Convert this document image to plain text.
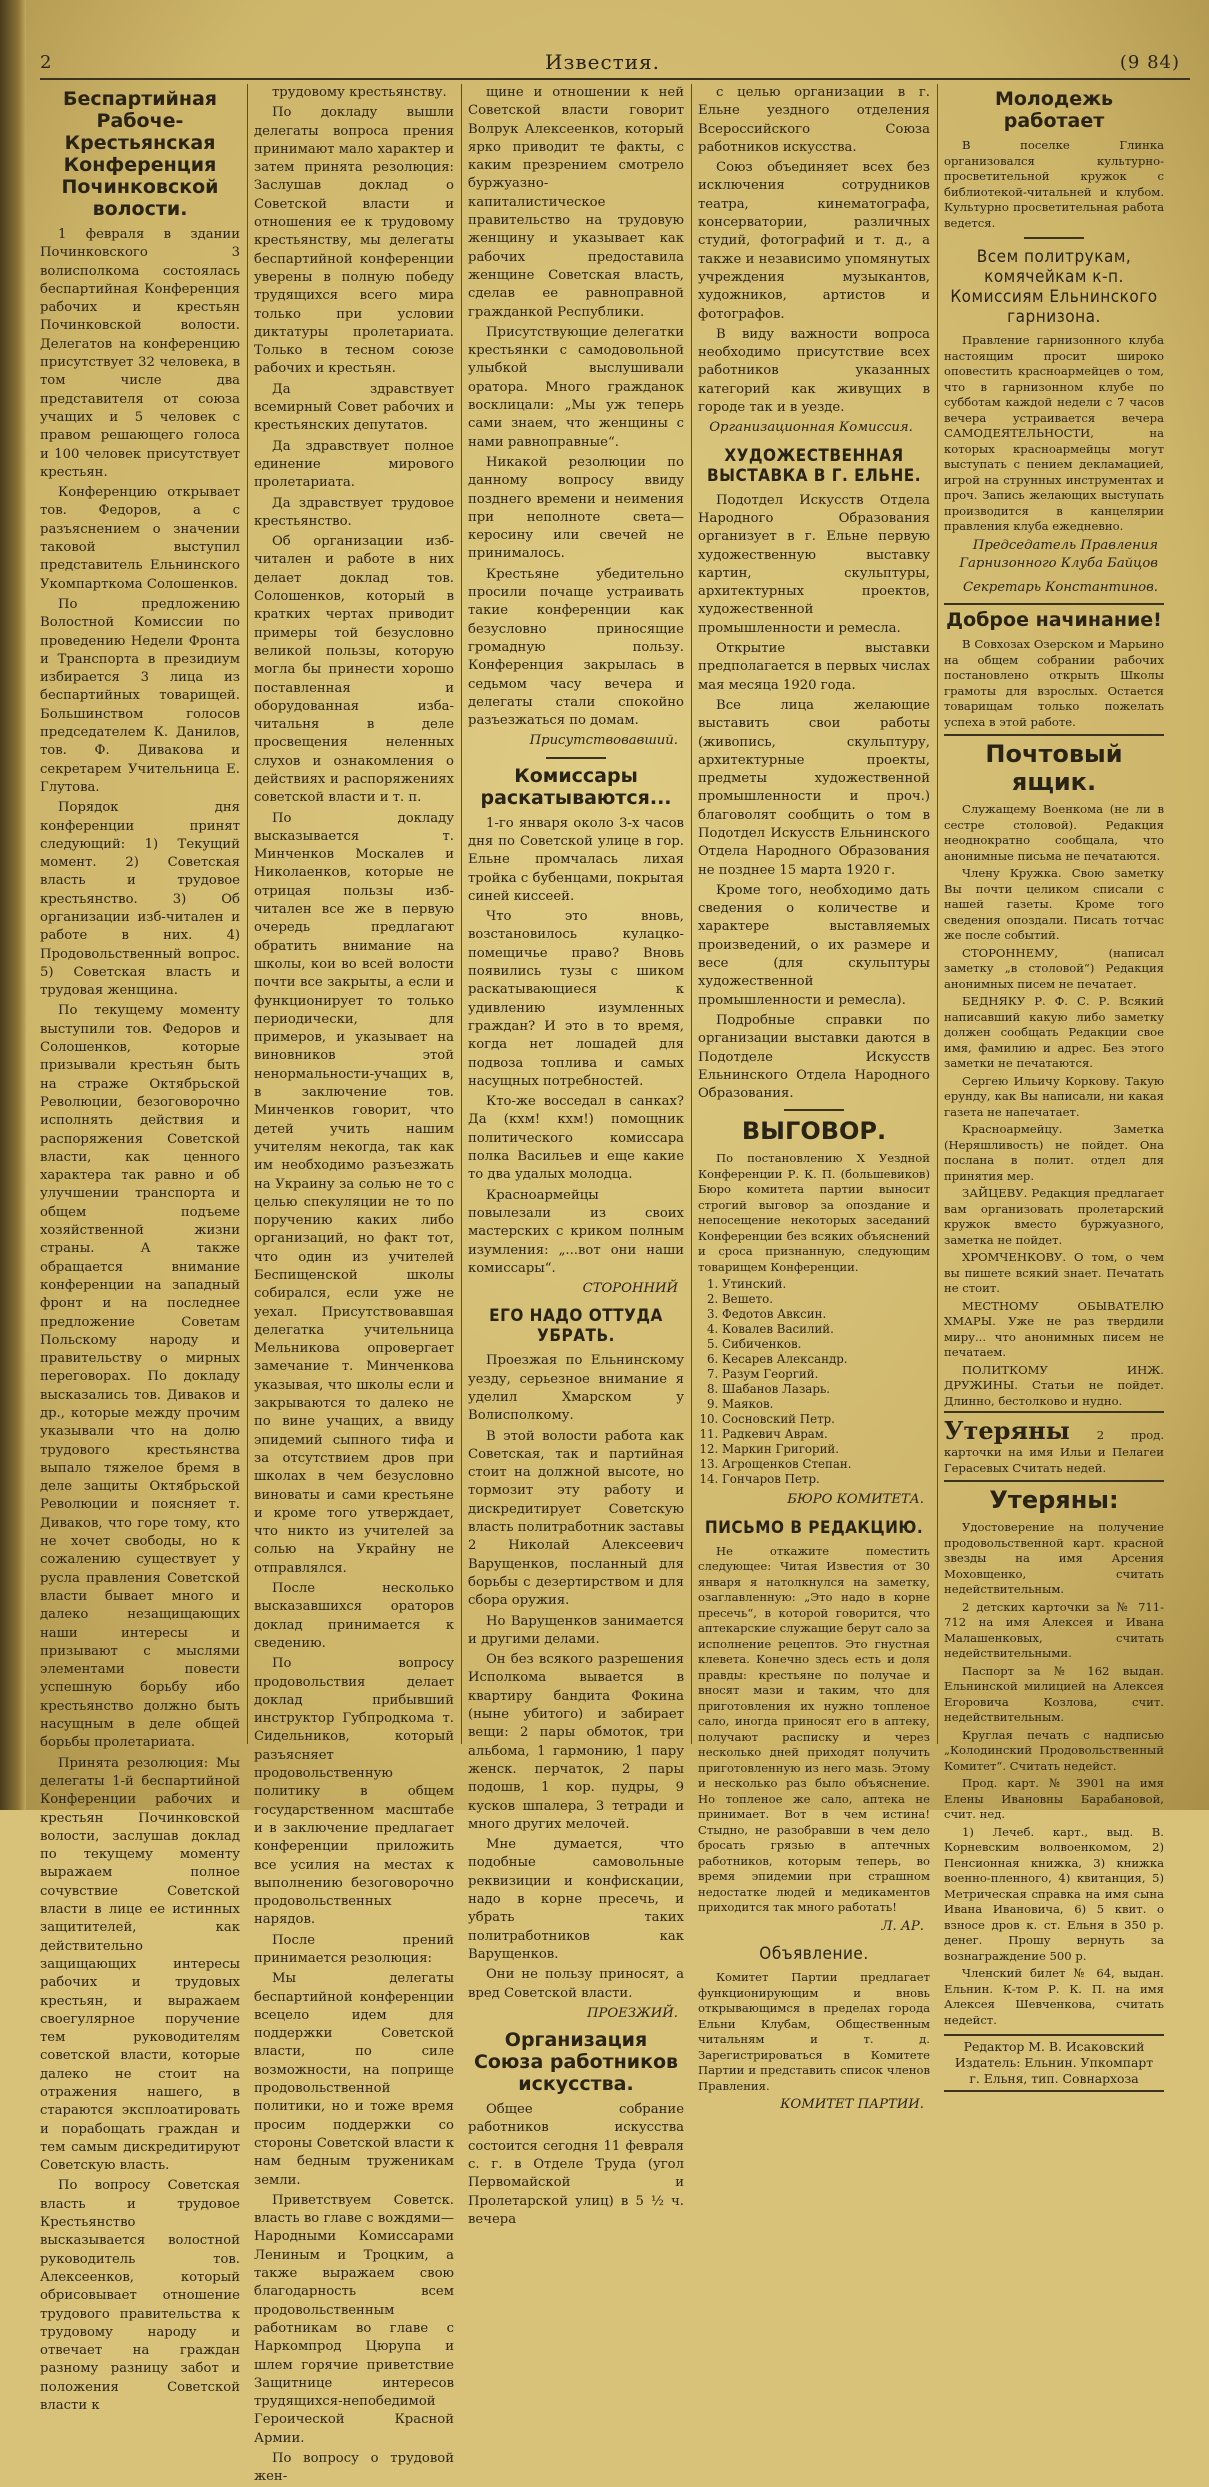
2	Известия.	(9 84)
Беспартийная Рабоче-Крестьянская Конференция Починковской волости.

1 февраля в здании Починковского 3 волисполкома состоялась беспартийная Конференция рабочих и крестьян Починковской волости. Делегатов на конференцию присутствует 32 человека, в том числе два представителя от союза учащих и 5 человек с правом решающего голоса и 100 человек присутствует крестьян.

Конференцию открывает тов. Федоров, а с разъяснением о значении таковой выступил представитель Ельнинского Укомпарткома Солошенков.

По предложению Волостной Комиссии по проведению Недели Фронта и Транспорта в президиум избирается 3 лица из беспартийных товарищей. Большинством голосов председателем К. Данилов, тов. Ф. Дивакова и секретарем Учительница Е. Глутова.

Порядок дня конференции принят следующий: 1) Текущий момент. 2) Советская власть и трудовое крестьянство. 3) Об организации изб-читален и работе в них. 4) Продовольственный вопрос. 5) Советская власть и трудовая женщина.

По текущему моменту выступили тов. Федоров и Солошенков, которые призывали крестьян быть на страже Октябрьской Революции, безоговорочно исполнять действия и распоряжения Советской власти, как ценного характера так равно и об улучшении транспорта и общем подъеме хозяйственной жизни страны. А также обращается внимание конференции на западный фронт и на последнее предложение Советам Польскому народу и правительству о мирных переговорах. По докладу высказались тов. Диваков и др., которые между прочим указывали что на долю трудового крестьянства выпало тяжелое бремя в деле защиты Октябрьской Революции и поясняет т. Диваков, что горе тому, кто не хочет свободы, но к сожалению существует у русла правления Советской власти бывает много и далеко незащищающих наши интересы и призывают с мыслями элементами повести успешную борьбу ибо крестьянство должно быть насущным в деле общей борьбы пролетариата.

Принята резолюция: Мы делегаты 1-й беспартийной Конференции рабочих и крестьян Починковской волости, заслушав доклад по текущему моменту выражаем полное сочувствие Советской власти в лице ее истинных защитителей, как действительно защищающих интересы рабочих и трудовых крестьян, и выражаем своегулярное поручение тем руководителям советской власти, которые далеко не стоит на отражения нашего, в стараются эксплоатировать и порабощать граждан и тем самым дискредитируют Советскую власть.

По вопросу Советская власть и трудовое Крестьянство высказывается волостной руководитель тов. Алексеенков, который обрисовывает отношение трудового правительства к трудовому народу и отвечает на граждан разному разницу забот и положения Советской власти к

трудовому крестьянству.

По докладу вышли делегаты вопроса прения принимают мало характер и затем принята резолюция: Заслушав доклад о Советской власти и отношения ее к трудовому крестьянству, мы делегаты беспартийной конференции уверены в полную победу трудящихся всего мира только при условии диктатуры пролетариата. Только в тесном союзе рабочих и крестьян.

Да здравствует всемирный Совет рабочих и крестьянских депутатов.

Да здравствует полное единение мирового пролетариата.

Да здравствует трудовое крестьянство.

Об организации изб-читален и работе в них делает доклад тов. Солошенков, который в кратких чертах приводит примеры той безусловно великой пользы, которую могла бы принести хорошо поставленная и оборудованная изба-читальня в деле просвещения неленных слухов и ознакомления о действиях и распоряжениях советской власти и т. п.

По докладу высказывается т. Минченков Москалев и Николаенков, которые не отрицая пользы изб-читален все же в первую очередь предлагают обратить внимание на школы, кои во всей волости почти все закрыты, а если и функционирует то только периодически, для примеров, и указывает на виновников этой ненормальности-учащих в, в заключение тов. Минченков говорит, что детей учить нашим учителям некогда, так как им необходимо разъезжать на Украину за солью не то с целью спекуляции не то по поручению каких либо организаций, но факт тот, что один из учителей Беспищенской школы собирался, если уже не уехал. Присутствовавшая делегатка учительница Мельникова опровергает замечание т. Минченкова указывая, что школы если и закрываются то далеко не по вине учащих, а ввиду эпидемий сыпного тифа и за отсутствием дров при школах в чем безусловно виноваты и сами крестьяне и кроме того утверждает, что никто из учителей за солью на Украйну не отправлялся.

После несколько высказавшихся ораторов доклад принимается к сведению.

По вопросу продовольствия делает доклад прибывший инструктор Губпродкома т. Сидельников, который разъясняет продовольственную политику в общем государственном масштабе и в заключение предлагает конференции приложить все усилия на местах к выполнению безоговорочно продовольственных нарядов.

После прений принимается резолюция:

Мы делегаты беспартийной конференции всецело идем для поддержки Советской власти, по силе возможности, на поприще продовольственной политики, но и тоже время просим поддержки со стороны Советской власти к нам бедным труженикам земли.

Приветствуем Советск. власть во главе с вождями—Народными Комиссарами Лениным и Троцким, а также выражаем свою благодарность всем продовольственным работникам во главе с Наркомпрод Цюрупа и шлем горячие приветствие Защитнице интересов трудящихся-непобедимой Героической Красной Армии.

По вопросу о трудовой жен-

щине и отношении к ней Советской власти говорит Волрук Алексеенков, который ярко приводит те факты, с каким презрением смотрело буржуазно-капиталистическое правительство на трудовую женщину и указывает как рабочих предоставила женщине Советская власть, сделав ее равноправной гражданкой Республики.

Присутствующие делегатки крестьянки с самодовольной улыбкой выслушивали оратора. Много гражданок восклицали: „Мы уж теперь сами знаем, что женщины с нами равноправные“.

Никакой резолюции по данному вопросу ввиду позднего времени и неимения при неполноте света—керосину или свечей не принималось.

Крестьяне убедительно просили почаще устраивать такие конференции как безусловно приносящие громадную пользу. Конференция закрылась в седьмом часу вечера и делегаты стали спокойно разъезжаться по домам.

Присутствовавший.

Комиссары раскатываются...

1-го января около 3-х часов дня по Советской улице в гор. Ельне промчалась лихая тройка с бубенцами, покрытая синей киссеей.

Что это вновь, возстановилось кулацко-помещичье право? Вновь появились тузы с шиком раскатывающиеся к удивлению изумленных граждан? И это в то время, когда нет лошадей для подвоза топлива и самых насущных потребностей.

Кто-же восседал в санках? Да (кхм! кхм!) помощник политического комиссара полка Васильев и еще какие то два удалых молодца.

Красноармейцы повылезали из своих мастерских с криком полным изумления: „...вот они наши комиссары“.

СТОРОННИЙ

ЕГО НАДО ОТТУДА УБРАТЬ.

Проезжая по Ельнинскому уезду, серьезное внимание я уделил Хмарском у Волисполкому.

В этой волости работа как Советская, так и партийная стоит на должной высоте, но тормозит эту работу и дискредитирует Советскую власть политработник заставы 2 Николай Алексеевич Варущенков, посланный для борьбы с дезертирством и для сбора оружия.

Но Варущенков занимается и другими делами.

Он без всякого разрешения Исполкома вывается в квартиру бандита Фокина (ныне убитого) и забирает вещи: 2 пары обмоток, три альбома, 1 гармонию, 1 пару женск. перчаток, 2 пары подошв, 1 кор. пудры, 9 кусков шпалера, 3 тетради и много других мелочей.

Мне думается, что подобные самовольные реквизиции и конфискации, надо в корне пресечь, и убрать таких политработников как Варущенков.

Они не пользу приносят, а вред Советской власти.

ПРОЕЗЖИЙ.

Организация Союза работников искусства.

Общее собрание работников искусства состоится сегодня 11 февраля с. г. в Отделе Труда (угол Первомайской и Пролетарской улиц) в 5 ½ ч. вечера

с целью организации в г. Ельне уездного отделения Всероссийского Союза работников искусства.

Союз объединяет всех без исключения сотрудников театра, кинематографа, консерватории, различных студий, фотографий и т. д., а также и независимо упомянутых учреждения музыкантов, художников, артистов и фотографов.

В виду важности вопроса необходимо присутствие всех работников указанных категорий как живущих в городе так и в уезде.

Организационная Комиссия.

ХУДОЖЕСТВЕННАЯ ВЫСТАВКА В Г. ЕЛЬНЕ.

Подотдел Искусств Отдела Народного Образования организует в г. Ельне первую художественную выставку картин, скульптуры, архитектурных проектов, художественной промышленности и ремесла.

Открытие выставки предполагается в первых числах мая месяца 1920 года.

Все лица желающие выставить свои работы (живопись, скульптуру, архитектурные проекты, предметы художественной промышленности и проч.) благоволят сообщить о том в Подотдел Искусств Ельнинского Отдела Народного Образования не позднее 15 марта 1920 г.

Кроме того, необходимо дать сведения о количестве и характере выставляемых произведений, о их размере и весе (для скульптуры художественной промышленности и ремесла).

Подробные справки по организации выставки даются в Подотделе Искусств Ельнинского Отдела Народного Образования.

ВЫГОВОР.

По постановлению X Уездной Конференции Р. К. П. (большевиков) Бюро комитета партии выносит строгий выговор за опоздание и непосещение некоторых заседаний Конференции без всяких объяснений и сроса признанную, следующим товарищем Конференции.

1. Утинский.
2. Вешето.
3. Федотов Авксин.
4. Ковалев Василий.
5. Сибиченков.
6. Кесарев Александр.
7. Разум Георгий.
8. Шабанов Лазарь.
9. Маяков.
10. Сосновский Петр.
11. Радкевич Аврам.
12. Маркин Григорий.
13. Агрощенков Степан.
14. Гончаров Петр.

БЮРО КОМИТЕТА.

ПИСЬМО В РЕДАКЦИЮ.

Не откажите поместить следующее: Читая Известия от 30 января я натолкнулся на заметку, озаглавленную: „Это надо в корне пресечь“, в которой говорится, что аптекарские служащие берут сало за исполнение рецептов. Это гнустная клевета. Конечно здесь есть и доля правды: крестьяне по получае и вносят мази и таким, что для приготовления их нужно топленое сало, иногда приносят его в аптеку, получают расписку и через несколько дней приходят получить приготовленную из него мазь. Этому и несколько раз было объяснение. Но топленое же сало, аптека не принимает. Вот в чем истина! Стыдно, не разобравши в чем дело бросать грязью в аптечных работников, которым теперь, во время эпидемии при страшном недостатке людей и медикаментов приходится так много работать!

Л. АР.

Объявление.

Комитет Партии предлагает функционирующим и вновь открывающимся в пределах города Ельни Клубам, Общественным читальням и т. д. Зарегистрироваться в Комитете Партии и представить список членов Правления.

КОМИТЕТ ПАРТИИ.

Молодежь работает

В поселке Глинка организовался культурно-просветительной кружок с библиотекой-читальней и клубом. Культурно просветительная работа ведется.

Всем политрукам, комячейкам к-п. Комиссиям Ельнинского гарнизона.

Правление гарнизонного клуба настоящим просит широко оповестить красноармейцев о том, что в гарнизонном клубе по субботам каждой недели с 7 часов вечера устраивается вечера САМОДЕЯТЕЛЬНОСТИ, на которых красноармейцы могут выступать с пением декламацией, игрой на струнных инструментах и проч. Запись желающих выступать производится в канцелярии правления клуба ежедневно.

Председатель Правления Гарнизонного Клуба Байцов

Секретарь Константинов.

Доброе начинание!

В Совхозах Озерском и Марьино на общем собрании рабочих постановлено открыть Школы грамоты для взрослых. Остается товарищам только пожелать успеха в этой работе.

Почтовый ящик.

Служащему Военкома (не ли в сестре столовой). Редакция неоднократно сообщала, что анонимные письма не печатаются.

Члену Кружка. Свою заметку Вы почти целиком списали с нашей газеты. Кроме того сведения опоздали. Писать тотчас же после событий.

СТОРОННЕМУ, (написал заметку „в столовой“) Редакция анонимных писем не печатает.

БЕДНЯКУ Р. Ф. С. Р. Всякий написавший какую либо заметку должен сообщать Редакции свое имя, фамилию и адрес. Без этого заметки не печатаются.

Сергею Ильичу Коркову. Такую ерунду, как Вы написали, ни какая газета не напечатает.

Красноармейцу. Заметка (Неряшливость) не пойдет. Она послана в полит. отдел для принятия мер.

ЗАЙЦЕВУ. Редакция предлагает вам организовать пролетарский кружок вместо буржуазного, заметка не пойдет.

ХРОМЧЕНКОВУ. О том, о чем вы пишете всякий знает. Печатать не стоит.

МЕСТНОМУ ОБЫВАТЕЛЮ ХМАРЫ. Уже не раз твердили миру... что анонимных писем не печатаем.

ПОЛИТКОМУ ИНЖ. ДРУЖИНЫ. Статьи не пойдет. Длинно, бестолково и нудно.

Утеряны 2 прод. карточки на имя Ильи и Пелагеи Герасевых Считать недей.

Утеряны:

Удостоверение на получение продовольственной карт. красной звезды на имя Арсения Моховщенко, считать недействительным.

2 детских карточки за № 711-712 на имя Алексея и Ивана Малашенковых, считать недействительными.

Паспорт за № 162 выдан. Ельнинской милицией на Алексея Егоровича Козлова, счит. недействительным.

Круглая печать с надписью „Колодинский Продовольственный Комитет“. Считать недейст.

Прод. карт. № 3901 на имя Елены Ивановны Барабановой, счит. нед.

1) Лечеб. карт., выд. В. Корневским волвоенкомом, 2) Пенсионная книжка, 3) книжка военно-пленного, 4) квитанция, 5) Метрическая справка на имя сына Ивана Ивановича, 6) 5 квит. о взносе дров к. ст. Ельня в 350 р. денег. Прошу вернуть за вознаграждение 500 р.

Членский билет № 64, выдан. Ельнин. К-том Р. К. П. на имя Алексея Шевченкова, считать недейст.

Редактор М. В. Исаковский
Издатель: Ельнин. Упкомпарт
г. Ельня, тип. Совнархоза
